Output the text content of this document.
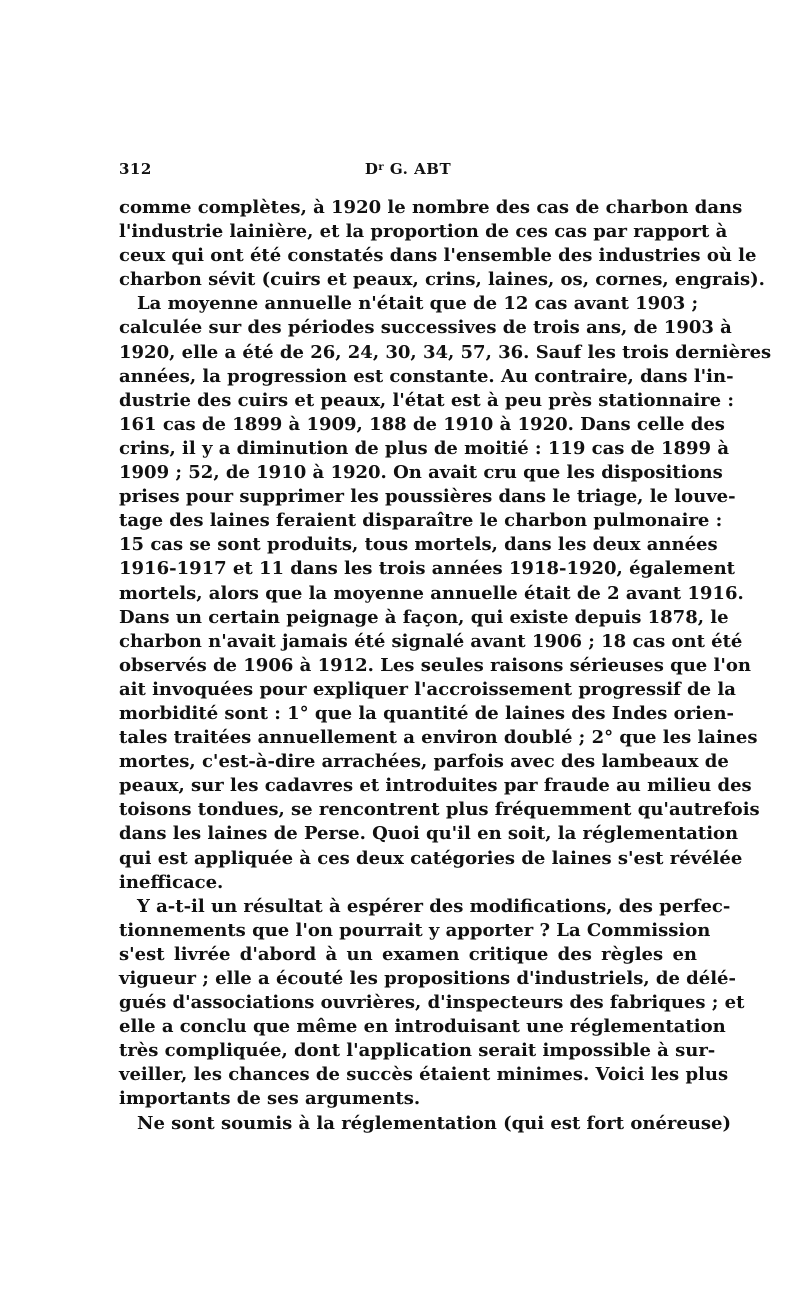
312	$D^r$ G. ABT
comme complètes, à 1920 le nombre des cas de charbon dans
l'industrie lainière, et la proportion de ces cas par rapport à
ceux qui ont été constatés dans l'ensemble des industries où le
charbon sévit (cuirs et peaux, crins, laines, os, cornes, engrais).
La moyenne annuelle n'était que de 12 cas avant 1903 ;
calculée sur des périodes successives de trois ans, de 1903 à
1920, elle a été de 26, 24, 30, 34, 57, 36. Sauf les trois dernières
années, la progression est constante. Au contraire, dans l'in-
dustrie des cuirs et peaux, l'état est à peu près stationnaire :
161 cas de 1899 à 1909, 188 de 1910 à 1920. Dans celle des
crins, il y a diminution de plus de moitié : 119 cas de 1899 à
1909 ; 52, de 1910 à 1920. On avait cru que les dispositions
prises pour supprimer les poussières dans le triage, le louve-
tage des laines feraient disparaître le charbon pulmonaire :
15 cas se sont produits, tous mortels, dans les deux années
1916-1917 et 11 dans les trois années 1918-1920, également
mortels, alors que la moyenne annuelle était de 2 avant 1916.
Dans un certain peignage à façon, qui existe depuis 1878, le
charbon n'avait jamais été signalé avant 1906 ; 18 cas ont été
observés de 1906 à 1912. Les seules raisons sérieuses que l'on
ait invoquées pour expliquer l'accroissement progressif de la
morbidité sont : 1° que la quantité de laines des Indes orien-
tales traitées annuellement a environ doublé ; 2° que les laines
mortes, c'est-à-dire arrachées, parfois avec des lambeaux de
peaux, sur les cadavres et introduites par fraude au milieu des
toisons tondues, se rencontrent plus fréquemment qu'autrefois
dans les laines de Perse. Quoi qu'il en soit, la réglementation
qui est appliquée à ces deux catégories de laines s'est révélée
inefficace.
Y a-t-il un résultat à espérer des modifications, des perfec-
tionnements que l'on pourrait y apporter ? La Commission
s'est livrée d'abord à un examen critique des règles en
vigueur ; elle a écouté les propositions d'industriels, de délé-
gués d'associations ouvrières, d'inspecteurs des fabriques ; et
elle a conclu que même en introduisant une réglementation
très compliquée, dont l'application serait impossible à sur-
veiller, les chances de succès étaient minimes. Voici les plus
importants de ses arguments.
Ne sont soumis à la réglementation (qui est fort onéreuse)
